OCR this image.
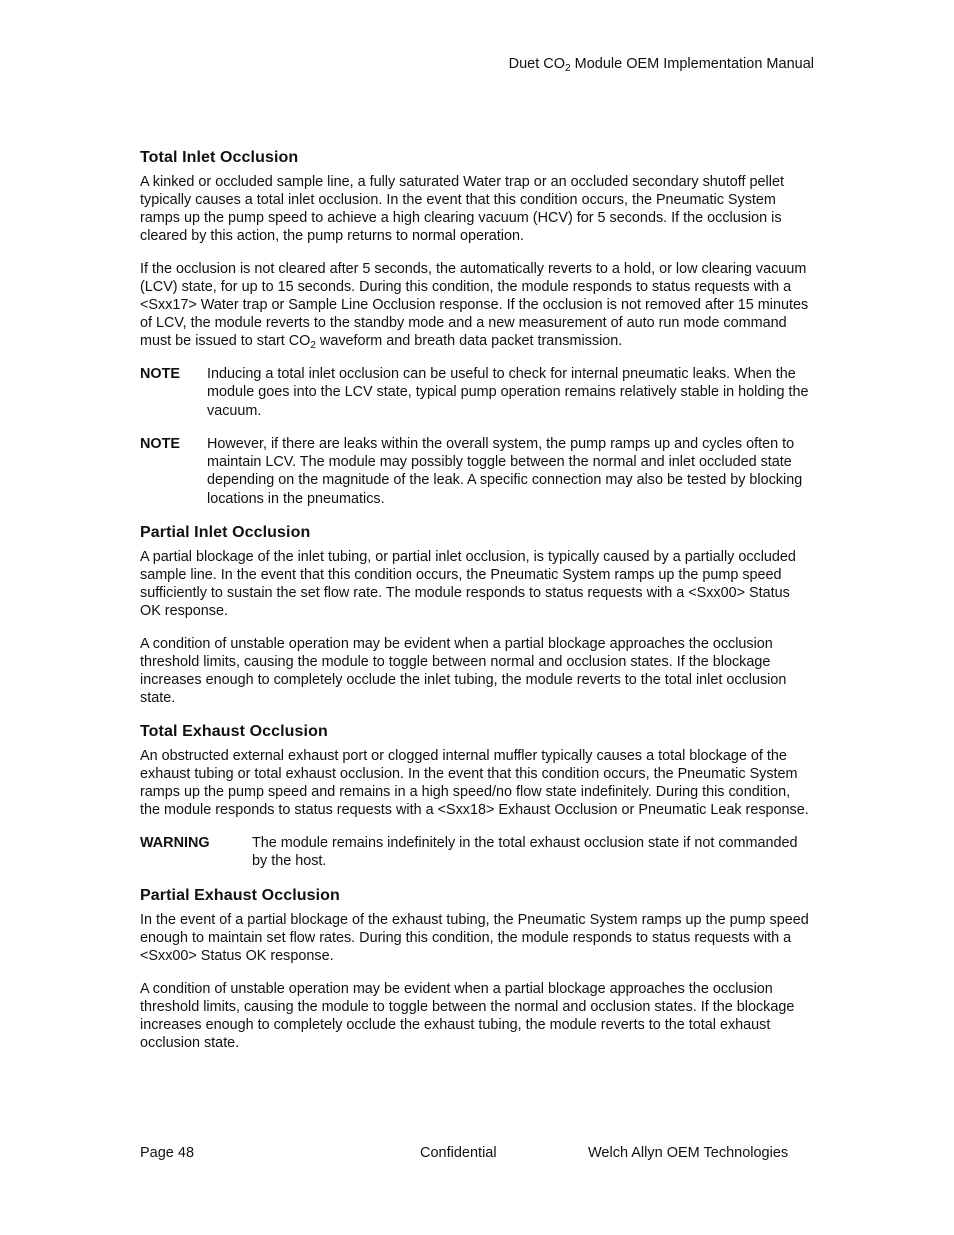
Duet $CO_2$ Module OEM Implementation Manual
Total Inlet Occlusion

A kinked or occluded sample line, a fully saturated Water trap or an occluded secondary shutoff pellet typically causes a total inlet occlusion. In the event that this condition occurs, the Pneumatic System ramps up the pump speed to achieve a high clearing vacuum (HCV) for 5 seconds. If the occlusion is cleared by this action, the pump returns to normal operation.

If the occlusion is not cleared after 5 seconds, the automatically reverts to a hold, or low clearing vacuum (LCV) state, for up to 15 seconds. During this condition, the module responds to status requests with a <Sxx17> Water trap or Sample Line Occlusion response. If the occlusion is not removed after 15 minutes of LCV, the module reverts to the standby mode and a new measurement of auto run mode command must be issued to start $CO_2$ waveform and breath data packet transmission.

NOTE	Inducing a total inlet occlusion can be useful to check for internal pneumatic leaks. When the module goes into the LCV state, typical pump operation remains relatively stable in holding the vacuum.
NOTE	However, if there are leaks within the overall system, the pump ramps up and cycles often to maintain LCV. The module may possibly toggle between the normal and inlet occluded state depending on the magnitude of the leak. A specific connection may also be tested by blocking locations in the pneumatics.
Partial Inlet Occlusion

A partial blockage of the inlet tubing, or partial inlet occlusion, is typically caused by a partially occluded sample line. In the event that this condition occurs, the Pneumatic System ramps up the pump speed sufficiently to sustain the set flow rate. The module responds to status requests with a <Sxx00> Status OK response.

A condition of unstable operation may be evident when a partial blockage approaches the occlusion threshold limits, causing the module to toggle between normal and occlusion states. If the blockage increases enough to completely occlude the inlet tubing, the module reverts to the total inlet occlusion state.

Total Exhaust Occlusion

An obstructed external exhaust port or clogged internal muffler typically causes a total blockage of the exhaust tubing or total exhaust occlusion. In the event that this condition occurs, the Pneumatic System ramps up the pump speed and remains in a high speed/no flow state indefinitely. During this condition, the module responds to status requests with a <Sxx18> Exhaust Occlusion or Pneumatic Leak response.

WARNING	The module remains indefinitely in the total exhaust occlusion state if not commanded by the host.
Partial Exhaust Occlusion

In the event of a partial blockage of the exhaust tubing, the Pneumatic System ramps up the pump speed enough to maintain set flow rates. During this condition, the module responds to status requests with a <Sxx00> Status OK response.

A condition of unstable operation may be evident when a partial blockage approaches the occlusion threshold limits, causing the module to toggle between the normal and occlusion states. If the blockage increases enough to completely occlude the exhaust tubing, the module reverts to the total exhaust occlusion state.

Page 48	Confidential	Welch Allyn OEM Technologies
